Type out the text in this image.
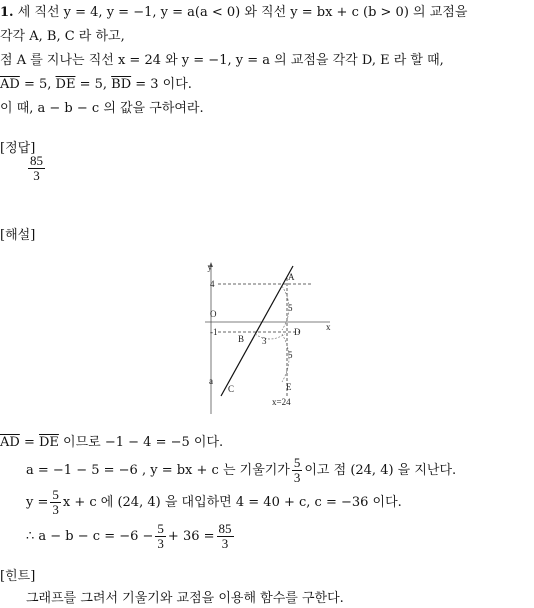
1. 세 직선 y = 4, y = −1, y = a(a < 0) 와 직선 y = bx + c (b > 0) 의 교점을
각각 A, B, C 라 하고,
점 A 를 지나는 직선 x = 24 와 y = −1, y = a 의 교점을 각각 D, E 라 할 때,
$\overline{AD} = 5$, $\overline{DE} = 5$, $\overline{BD} = 3$ 이다.
이 때, a − b − c 의 값을 구하여라.
[정답]
$\frac{85}{3}$
[해설]
y
x
O
4
-1
a
A
B
C
D
E
5
5
3
x=24
$\overline{AD} = \overline{DE}$ 이므로 −1 − 4 = −5 이다.
a = −1 − 5 = −6 , y = bx + c 는 기울기가 $\frac{5}{3}$ 이고 점 (24, 4) 을 지난다.
$y = \frac{5}{3}$ x + c 에 (24, 4) 을 대입하면 4 = 40 + c, c = −36 이다.
∴ $a - b - c = -6 - \frac{5}{3} + 36 = \frac{85}{3}$
[힌트]
그래프를 그려서 기울기와 교점을 이용해 함수를 구한다.
